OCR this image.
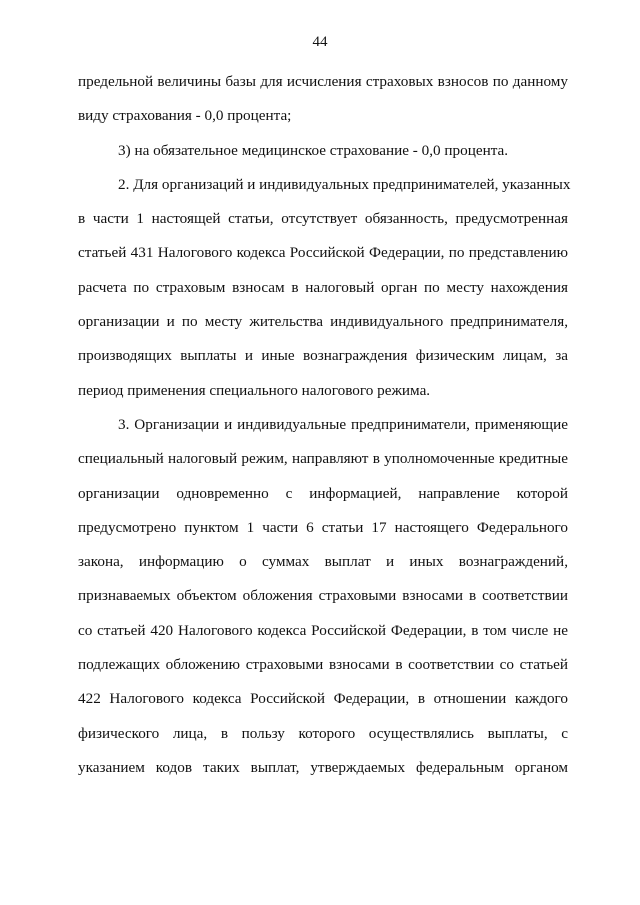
44
предельной величины базы для исчисления страховых взносов по данному
виду страхования - 0,0 процента;
3) на обязательное медицинское страхование - 0,0 процента.
2. Для организаций и индивидуальных предпринимателей, указанных
в части 1 настоящей статьи, отсутствует обязанность, предусмотренная
статьей 431 Налогового кодекса Российской Федерации, по представлению
расчета по страховым взносам в налоговый орган по месту нахождения
организации и по месту жительства индивидуального предпринимателя,
производящих выплаты и иные вознаграждения физическим лицам, за
период применения специального налогового режима.
3. Организации и индивидуальные предприниматели, применяющие
специальный налоговый режим, направляют в уполномоченные кредитные
организации одновременно с информацией, направление которой
предусмотрено пунктом 1 части 6 статьи 17 настоящего Федерального
закона, информацию о суммах выплат и иных вознаграждений,
признаваемых объектом обложения страховыми взносами в соответствии
со статьей 420 Налогового кодекса Российской Федерации, в том числе не
подлежащих обложению страховыми взносами в соответствии со статьей
422 Налогового кодекса Российской Федерации, в отношении каждого
физического лица, в пользу которого осуществлялись выплаты, с
указанием кодов таких выплат, утверждаемых федеральным органом
